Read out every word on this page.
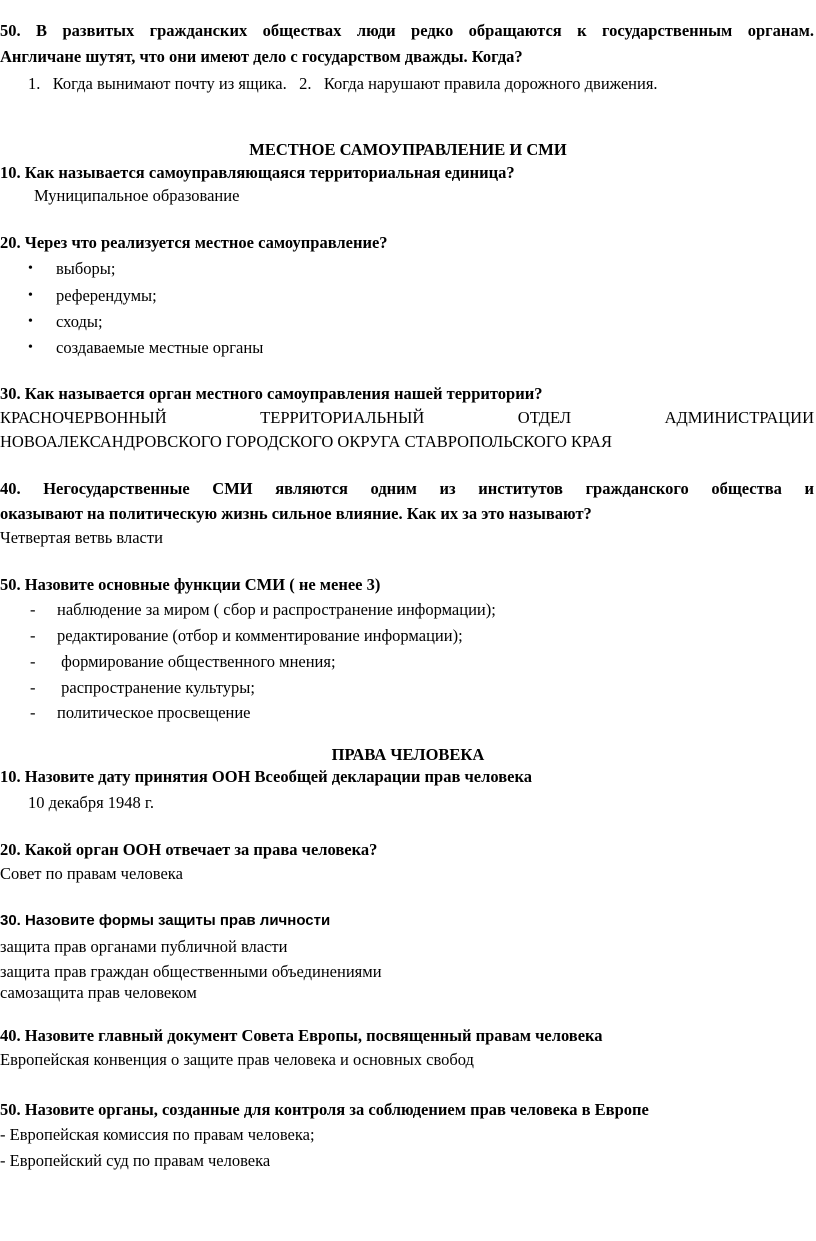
50. В развитых гражданских обществах люди редко обращаются к государственным органам.
Англичане шутят, что они имеют дело с государством дважды. Когда?
1. Когда вынимают почту из ящика. 2. Когда нарушают правила дорожного движения.
МЕСТНОЕ САМОУПРАВЛЕНИЕ И СМИ
10. Как называется самоуправляющаяся территориальная единица?
Муниципальное образование
20. Через что реализуется местное самоуправление?
• выборы;
• референдумы;
• сходы;
• создаваемые местные органы
30. Как называется орган местного самоуправления нашей территории?
КРАСНОЧЕРВОННЫЙ ТЕРРИТОРИАЛЬНЫЙ ОТДЕЛ АДМИНИСТРАЦИИ
НОВОАЛЕКСАНДРОВСКОГО ГОРОДСКОГО ОКРУГА СТАВРОПОЛЬСКОГО КРАЯ
40. Негосударственные СМИ являются одним из институтов гражданского общества и
оказывают на политическую жизнь сильное влияние. Как их за это называют?
Четвертая ветвь власти
50. Назовите основные функции СМИ ( не менее 3)
- наблюдение за миром ( сбор и распространение информации);
- редактирование (отбор и комментирование информации);
- формирование общественного мнения;
- распространение культуры;
- политическое просвещение
ПРАВА ЧЕЛОВЕКА
10. Назовите дату принятия ООН Всеобщей декларации прав человека
10 декабря 1948 г.
20. Какой орган ООН отвечает за права человека?
Совет по правам человека
30. Назовите формы защиты прав личности
защита прав органами публичной власти
защита прав граждан общественными объединениями
самозащита прав человеком
40. Назовите главный документ Совета Европы, посвященный правам человека
Европейская конвенция о защите прав человека и основных свобод
50. Назовите органы, созданные для контроля за соблюдением прав человека в Европе
- Европейская комиссия по правам человека;
- Европейский суд по правам человека
